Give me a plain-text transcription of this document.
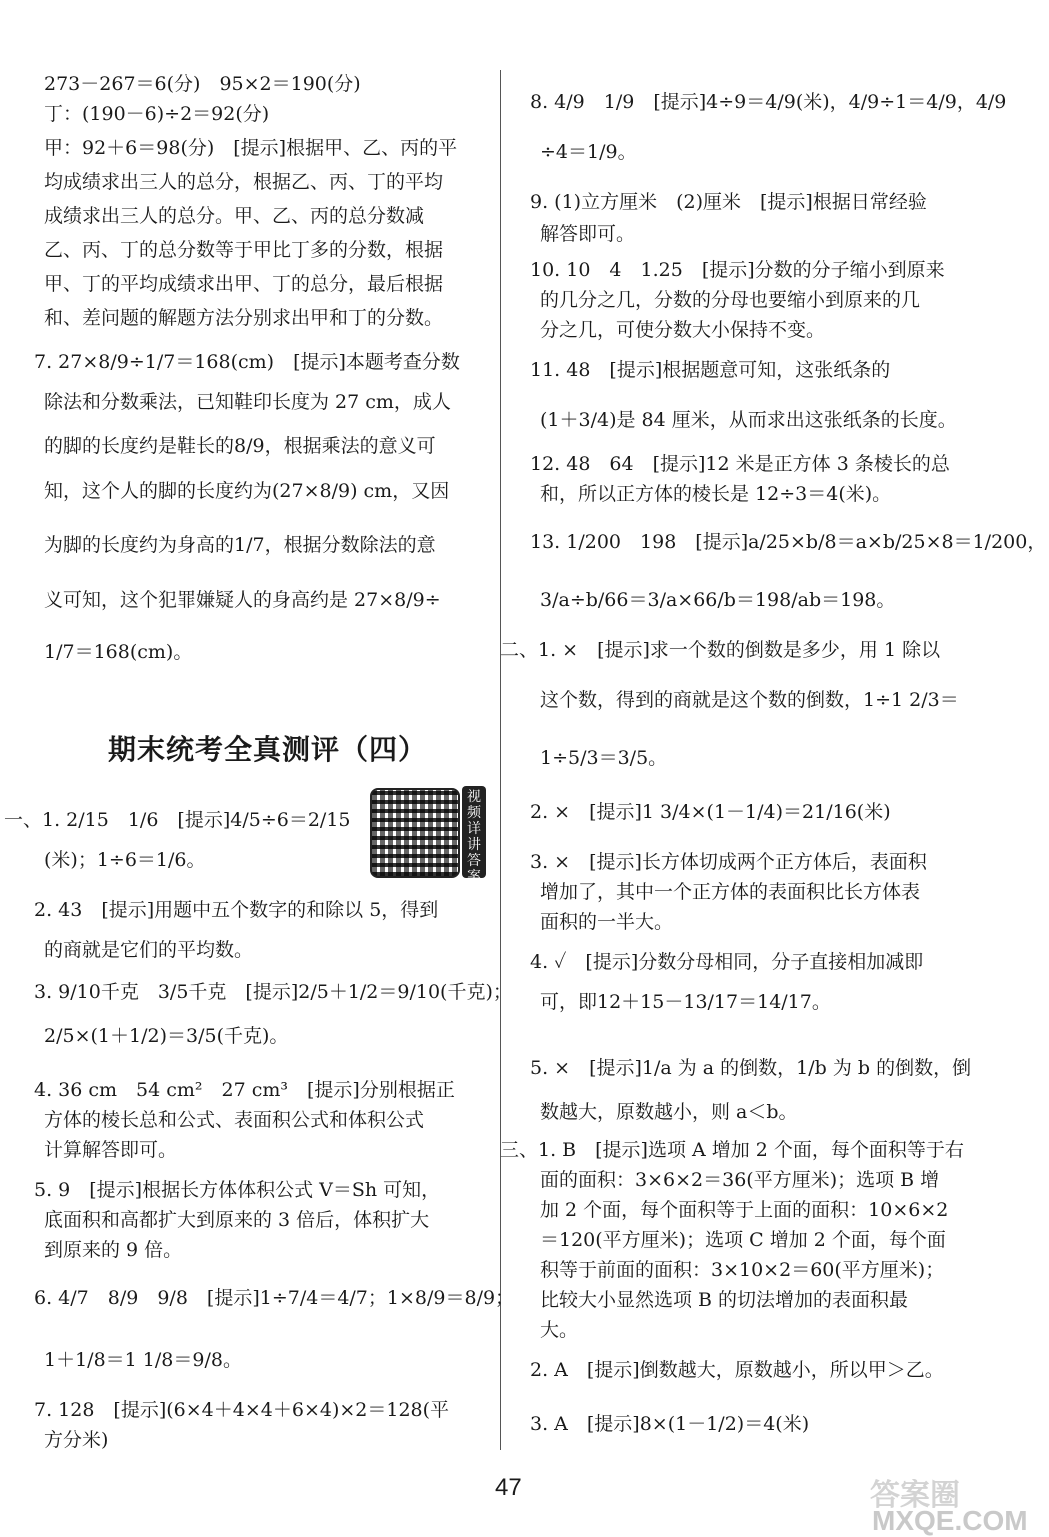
273－267＝6(分)　95×2＝190(分)
丁：(190－6)÷2＝92(分)
甲：92＋6＝98(分)　[提示]根据甲、乙、丙的平
均成绩求出三人的总分，根据乙、丙、丁的平均
成绩求出三人的总分。甲、乙、丙的总分数减
乙、丙、丁的总分数等于甲比丁多的分数，根据
甲、丁的平均成绩求出甲、丁的总分，最后根据
和、差问题的解题方法分别求出甲和丁的分数。
7. 27×8/9÷1/7＝168(cm)　[提示]本题考查分数
除法和分数乘法，已知鞋印长度为 27 cm，成人
的脚的长度约是鞋长的8/9，根据乘法的意义可
知，这个人的脚的长度约为(27×8/9) cm，又因
为脚的长度约为身高的1/7，根据分数除法的意
义可知，这个犯罪嫌疑人的身高约是 27×8/9÷
1/7＝168(cm)。
一、1. 2/15　1/6　[提示]4/5÷6＝2/15
(米)；1÷6＝1/6。
2. 43　[提示]用题中五个数字的和除以 5，得到
的商就是它们的平均数。
3. 9/10千克　3/5千克　[提示]2/5＋1/2＝9/10(千克)；
2/5×(1＋1/2)＝3/5(千克)。
4. 36 cm　54 cm²　27 cm³　[提示]分别根据正
方体的棱长总和公式、表面积公式和体积公式
计算解答即可。
5. 9　[提示]根据长方体体积公式 V＝Sh 可知，
底面积和高都扩大到原来的 3 倍后，体积扩大
到原来的 9 倍。
6. 4/7　8/9　9/8　[提示]1÷7/4＝4/7；1×8/9＝8/9；
1＋1/8＝1 1/8＝9/8。
7. 128　[提示](6×4＋4×4＋6×4)×2＝128(平
方分米)
8. 4/9　1/9　[提示]4÷9＝4/9(米)，4/9÷1＝4/9，4/9
÷4＝1/9。
9. (1)立方厘米　(2)厘米　[提示]根据日常经验
解答即可。
10. 10　4　1.25　[提示]分数的分子缩小到原来
的几分之几，分数的分母也要缩小到原来的几
分之几，可使分数大小保持不变。
11. 48　[提示]根据题意可知，这张纸条的
(1＋3/4)是 84 厘米，从而求出这张纸条的长度。
12. 48　64　[提示]12 米是正方体 3 条棱长的总
和，所以正方体的棱长是 12÷3＝4(米)。
13. 1/200　198　[提示]a/25×b/8＝a×b/25×8＝1/200，
3/a÷b/66＝3/a×66/b＝198/ab＝198。
二、1. ×　[提示]求一个数的倒数是多少，用 1 除以
这个数，得到的商就是这个数的倒数，1÷1 2/3＝
1÷5/3＝3/5。
2. ×　[提示]1 3/4×(1－1/4)＝21/16(米)
3. ×　[提示]长方体切成两个正方体后，表面积
增加了，其中一个正方体的表面积比长方体表
面积的一半大。
4. ✓　[提示]分数分母相同，分子直接相加减即
可，即12＋15－13/17＝14/17。
5. ×　[提示]1/a 为 a 的倒数，1/b 为 b 的倒数，倒
数越大，原数越小，则 a＜b。
三、1. B　[提示]选项 A 增加 2 个面，每个面积等于右
面的面积：3×6×2＝36(平方厘米)；选项 B 增
加 2 个面，每个面积等于上面的面积：10×6×2
＝120(平方厘米)；选项 C 增加 2 个面，每个面
积等于前面的面积：3×10×2＝60(平方厘米)；
比较大小显然选项 B 的切法增加的表面积最
大。
2. A　[提示]倒数越大，原数越小，所以甲＞乙。
3. A　[提示]8×(1－1/2)＝4(米)
期末统考全真测评（四）
视频详讲答案
47	答案圈
MXQE.COM
